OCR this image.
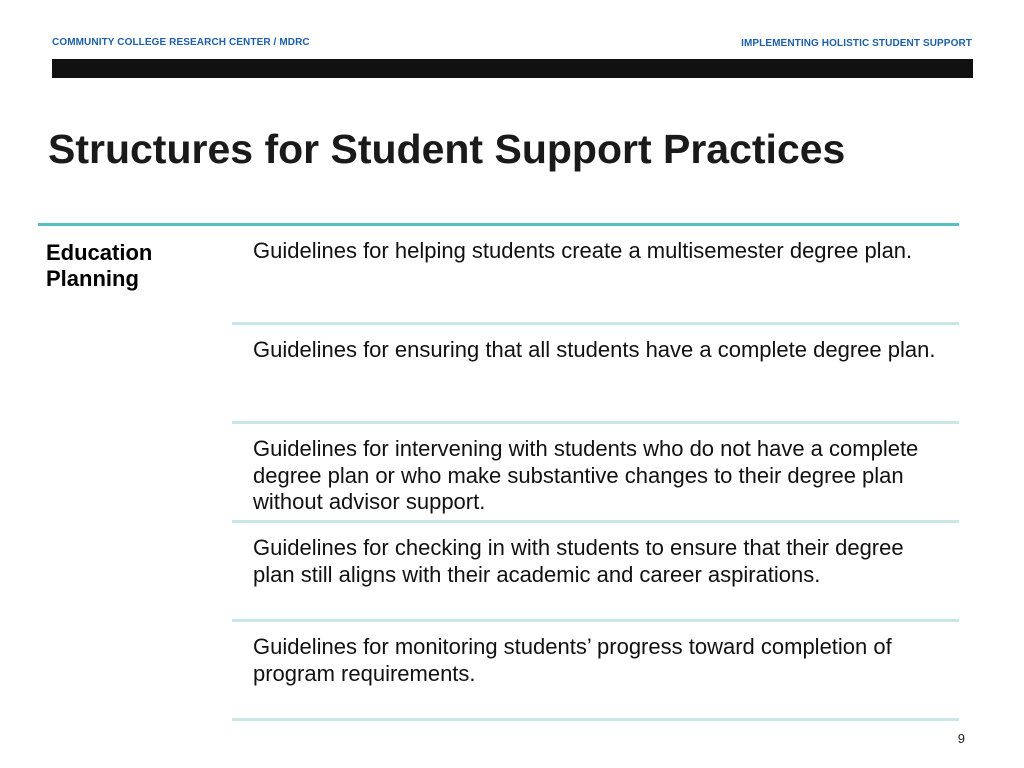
COMMUNITY COLLEGE RESEARCH CENTER / MDRC	IMPLEMENTING HOLISTIC STUDENT SUPPORT
Structures for Student Support Practices
Education Planning
Guidelines for helping students create a multisemester degree plan.
Guidelines for ensuring that all students have a complete degree plan.
Guidelines for intervening with students who do not have a complete degree plan or who make substantive changes to their degree plan without advisor support.
Guidelines for checking in with students to ensure that their degree plan still aligns with their academic and career aspirations.
Guidelines for monitoring students’ progress toward completion of program requirements.
9
